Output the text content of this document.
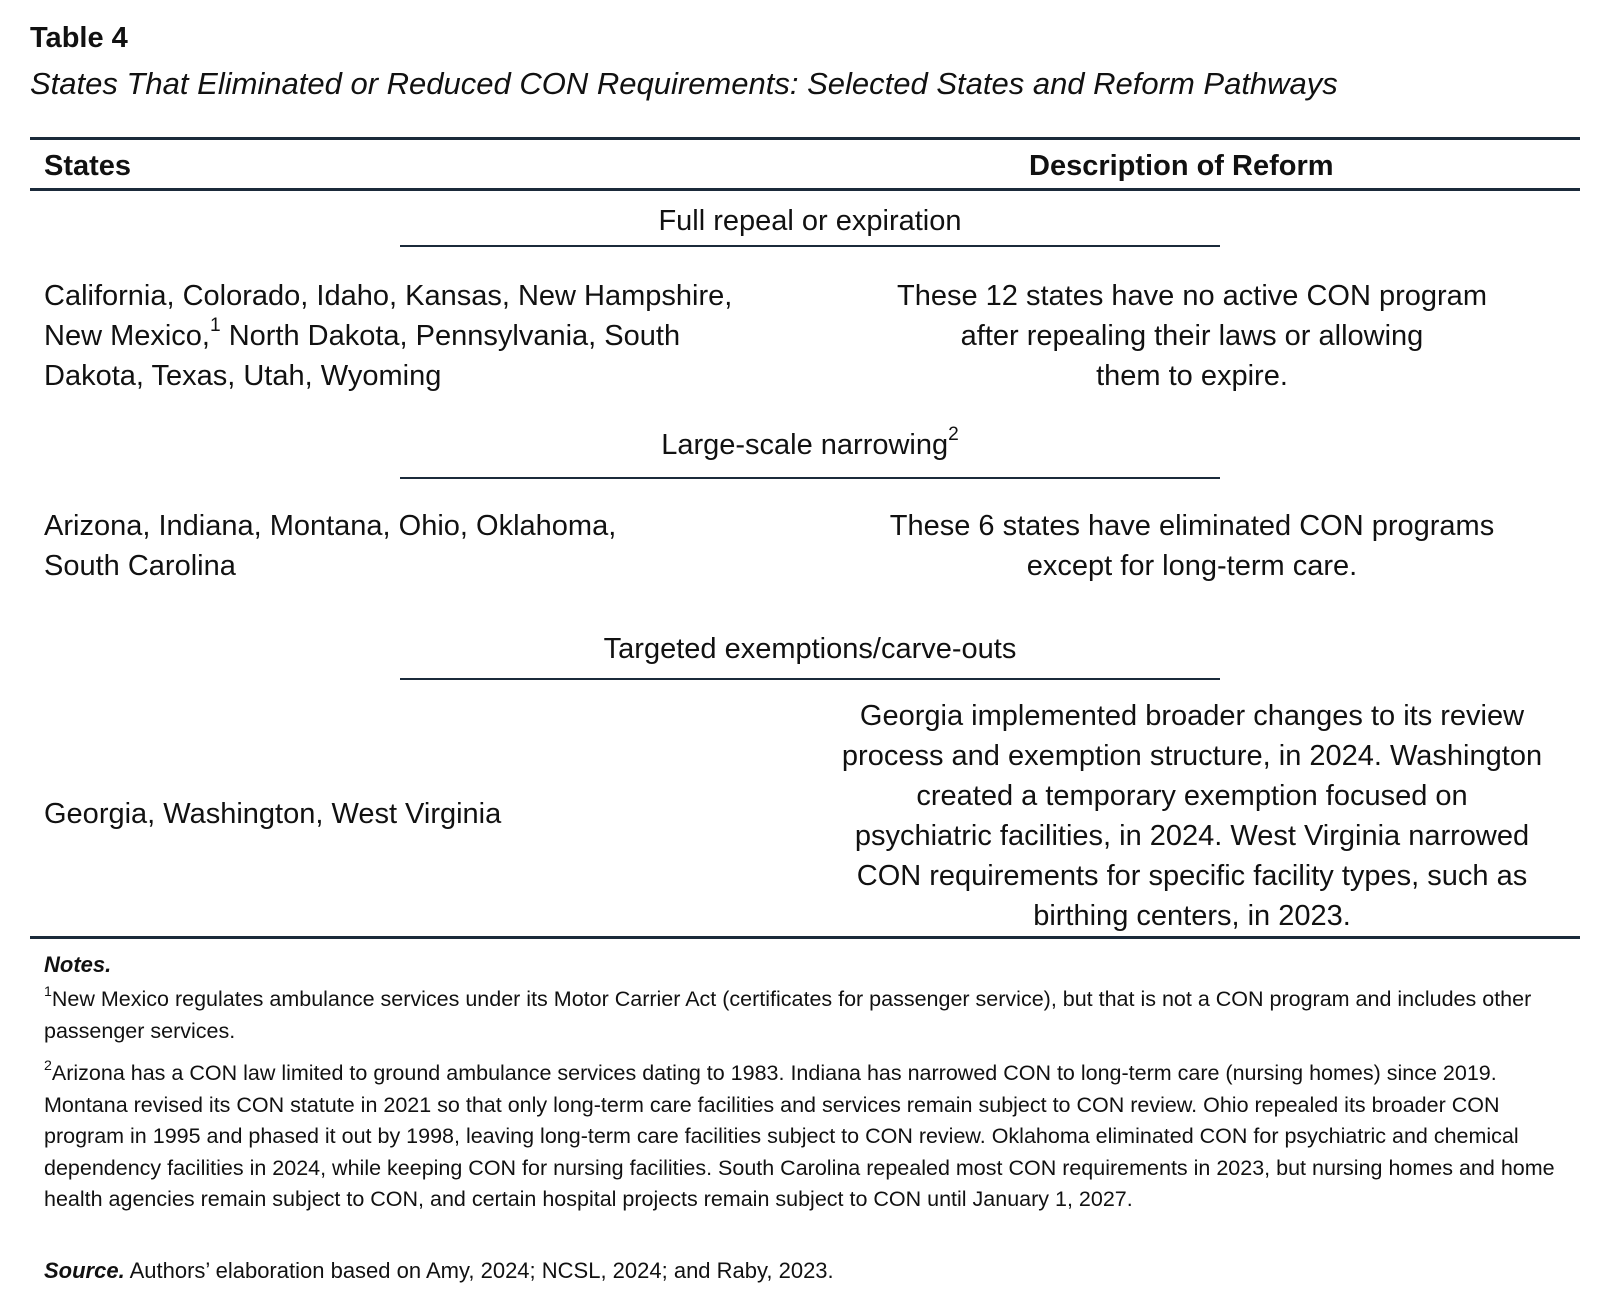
Table 4
States That Eliminated or Reduced CON Requirements: Selected States and Reform Pathways
States	Description of Reform
Full repeal or expiration
California, Colorado, Idaho, Kansas, New Hampshire,
New Mexico,$^1$ North Dakota, Pennsylvania, South
Dakota, Texas, Utah, Wyoming
These 12 states have no active CON program
after repealing their laws or allowing
them to expire.
Large-scale narrowing$^2$
Arizona, Indiana, Montana, Ohio, Oklahoma,
South Carolina
These 6 states have eliminated CON programs
except for long-term care.
Targeted exemptions/carve-outs
Georgia, Washington, West Virginia
Georgia implemented broader changes to its review
process and exemption structure, in 2024. Washington
created a temporary exemption focused on
psychiatric facilities, in 2024. West Virginia narrowed
CON requirements for specific facility types, such as
birthing centers, in 2023.
Notes.
$^1$New Mexico regulates ambulance services under its Motor Carrier Act (certificates for passenger service), but that is not a CON program and includes other passenger services.
$^2$Arizona has a CON law limited to ground ambulance services dating to 1983. Indiana has narrowed CON to long-term care (nursing homes) since 2019. Montana revised its CON statute in 2021 so that only long-term care facilities and services remain subject to CON review. Ohio repealed its broader CON program in 1995 and phased it out by 1998, leaving long-term care facilities subject to CON review. Oklahoma eliminated CON for psychiatric and chemical dependency facilities in 2024, while keeping CON for nursing facilities. South Carolina repealed most CON requirements in 2023, but nursing homes and home health agencies remain subject to CON, and certain hospital projects remain subject to CON until January 1, 2027.
Source. Authors’ elaboration based on Amy, 2024; NCSL, 2024; and Raby, 2023.
